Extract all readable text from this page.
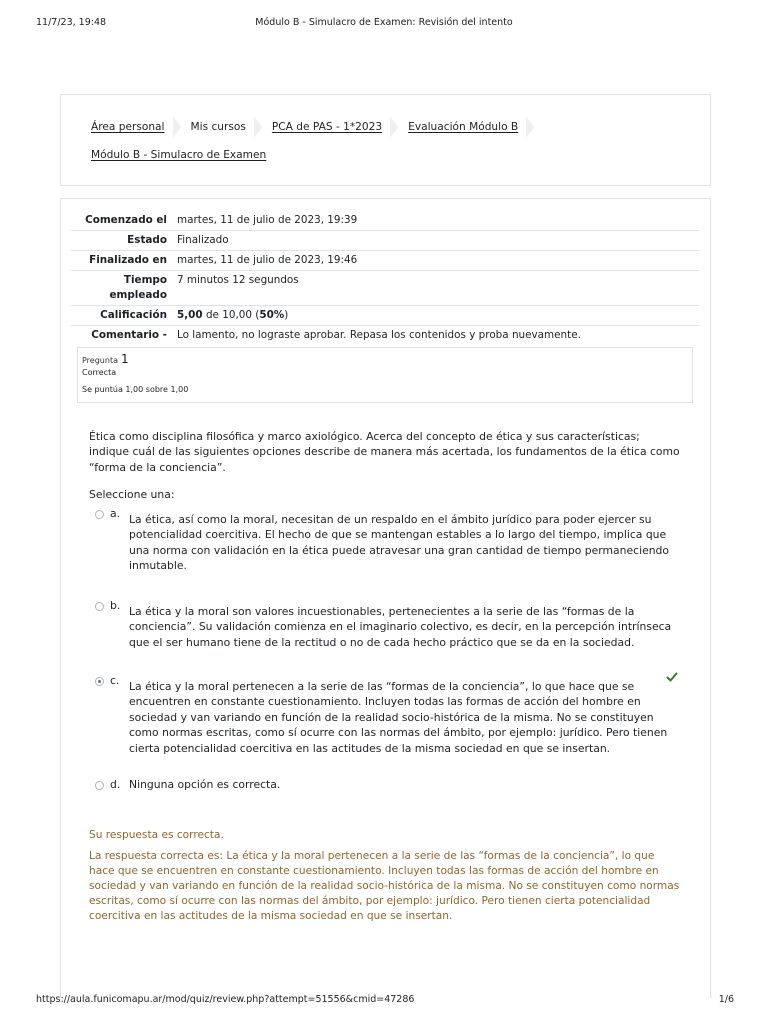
11/7/23, 19:48	Módulo B - Simulacro de Examen: Revisión del intento
Área personal Mis cursos PCA de PAS - 1*2023 Evaluación Módulo B
Módulo B - Simulacro de Examen
Comenzado el	martes, 11 de julio de 2023, 19:39
Estado	Finalizado
Finalizado en	martes, 11 de julio de 2023, 19:46
Tiempo empleado	7 minutos 12 segundos
Calificación	5,00 de 10,00 (50%)
Comentario -	Lo lamento, no lograste aprobar. Repasa los contenidos y proba nuevamente.
Pregunta 1
Correcta
Se puntúa 1,00 sobre 1,00
Ética como disciplina filosófica y marco axiológico. Acerca del concepto de ética y sus características; indique cuál de las siguientes opciones describe de manera más acertada, los fundamentos de la ética como “forma de la conciencia”.
Seleccione una:
a. La ética, así como la moral, necesitan de un respaldo en el ámbito jurídico para poder ejercer su potencialidad coercitiva. El hecho de que se mantengan estables a lo largo del tiempo, implica que una norma con validación en la ética puede atravesar una gran cantidad de tiempo permaneciendo inmutable.
b. La ética y la moral son valores incuestionables, pertenecientes a la serie de las “formas de la conciencia”. Su validación comienza en el imaginario colectivo, es decir, en la percepción intrínseca que el ser humano tiene de la rectitud o no de cada hecho práctico que se da en la sociedad.
c. La ética y la moral pertenecen a la serie de las “formas de la conciencia”, lo que hace que se encuentren en constante cuestionamiento. Incluyen todas las formas de acción del hombre en sociedad y van variando en función de la realidad socio-histórica de la misma. No se constituyen como normas escritas, como sí ocurre con las normas del ámbito, por ejemplo: jurídico. Pero tienen cierta potencialidad coercitiva en las actitudes de la misma sociedad en que se insertan.
d. Ninguna opción es correcta.
Su respuesta es correcta.
La respuesta correcta es: La ética y la moral pertenecen a la serie de las “formas de la conciencia”, lo que hace que se encuentren en constante cuestionamiento. Incluyen todas las formas de acción del hombre en sociedad y van variando en función de la realidad socio-histórica de la misma. No se constituyen como normas escritas, como sí ocurre con las normas del ámbito, por ejemplo: jurídico. Pero tienen cierta potencialidad coercitiva en las actitudes de la misma sociedad en que se insertan.
https://aula.funicomapu.ar/mod/quiz/review.php?attempt=51556&cmid=47286	1/6
